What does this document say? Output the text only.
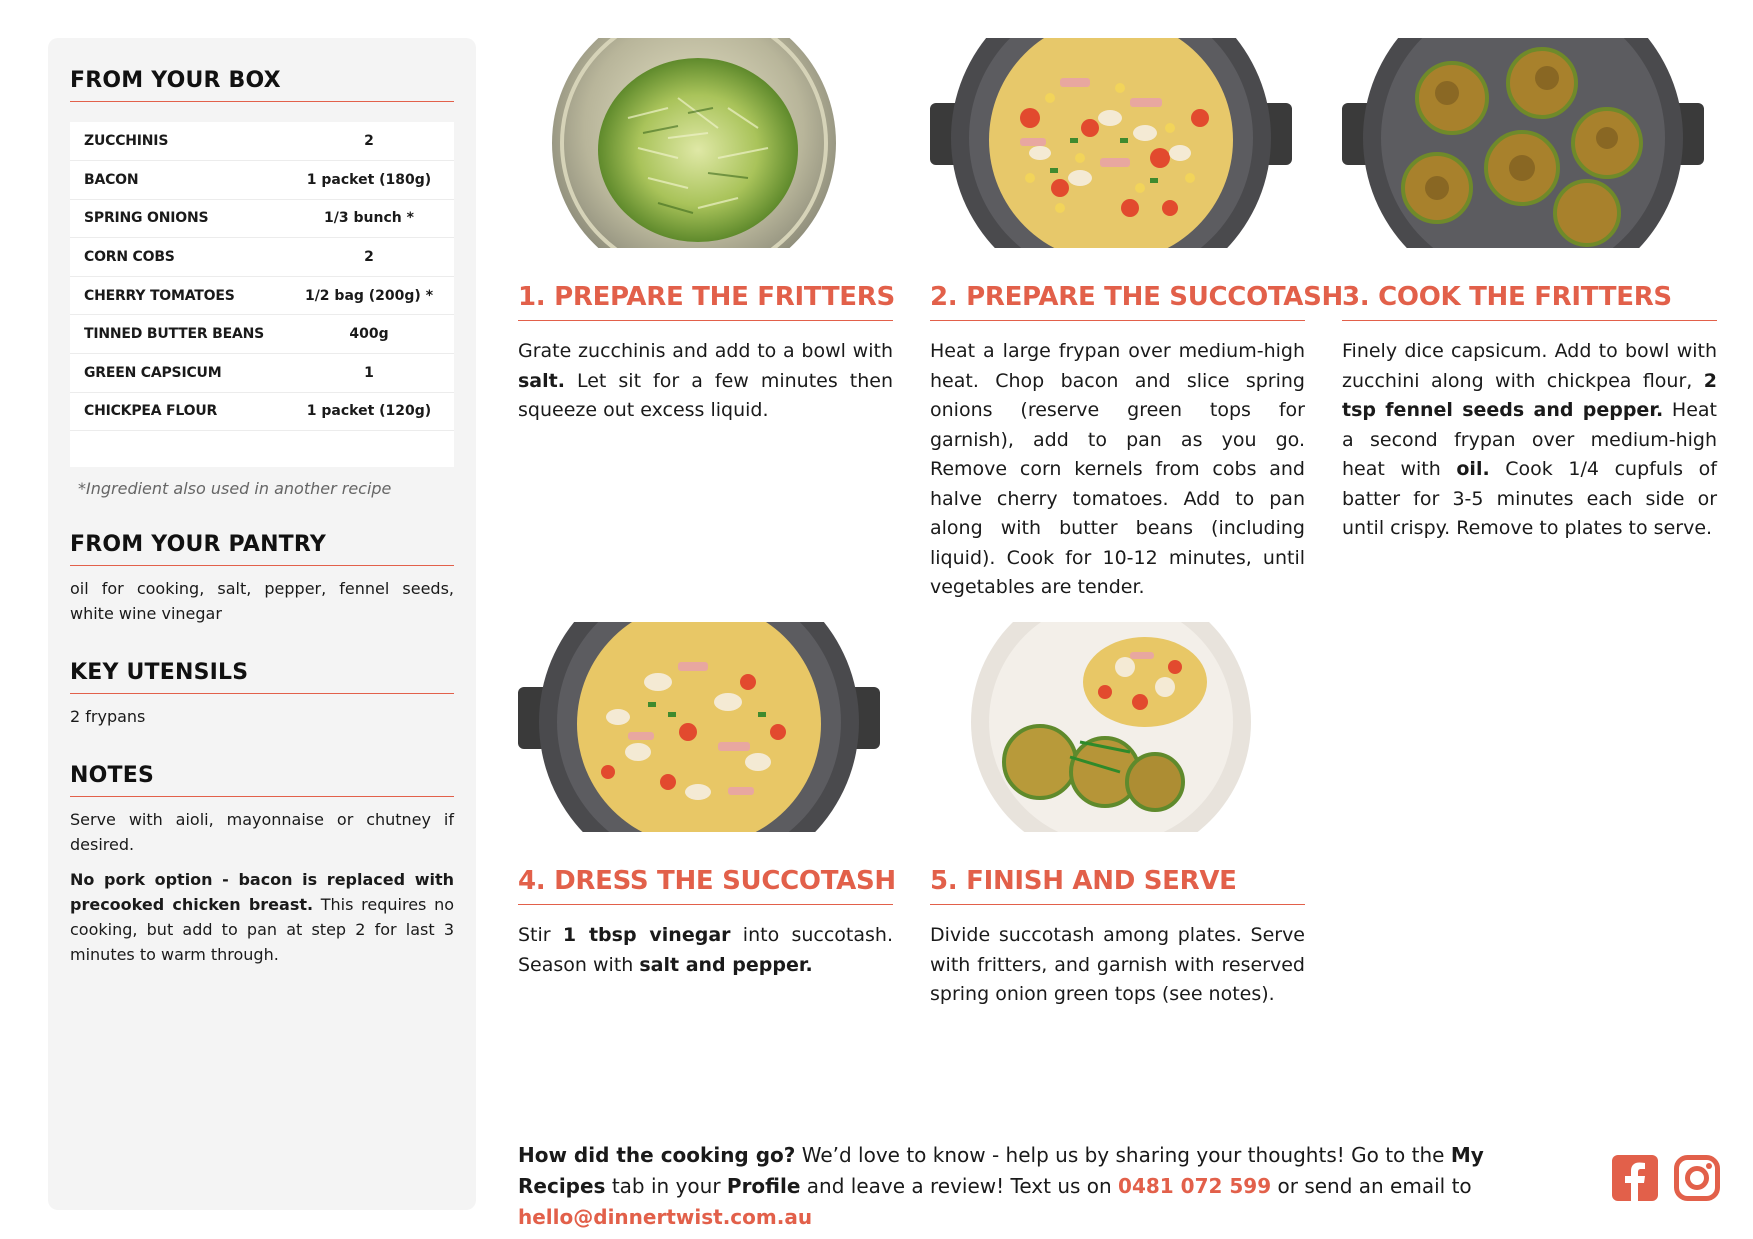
FROM YOUR BOX
ZUCCHINIS	2
BACON	1 packet (180g)
SPRING ONIONS	1/3 bunch *
CORN COBS	2
CHERRY TOMATOES	1/2 bag (200g) *
TINNED BUTTER BEANS	400g
GREEN CAPSICUM	1
CHICKPEA FLOUR	1 packet (120g)

*Ingredient also used in another recipe
FROM YOUR PANTRY
oil for cooking, salt, pepper, fennel seeds, white wine vinegar
KEY UTENSILS
2 frypans
NOTES
Serve with aioli, mayonnaise or chutney if desired.
No pork option - bacon is replaced with precooked chicken breast. This requires no cooking, but add to pan at step 2 for last 3 minutes to warm through.
1. PREPARE THE FRITTERS
Grate zucchinis and add to a bowl with salt. Let sit for a few minutes then squeeze out excess liquid.
2. PREPARE THE SUCCOTASH
Heat a large frypan over medium-high heat. Chop bacon and slice spring onions (reserve green tops for garnish), add to pan as you go. Remove corn kernels from cobs and halve cherry tomatoes. Add to pan along with butter beans (including liquid). Cook for 10-12 minutes, until vegetables are tender.
3. COOK THE FRITTERS
Finely dice capsicum. Add to bowl with zucchini along with chickpea flour, 2 tsp fennel seeds and pepper. Heat a second frypan over medium-high heat with oil. Cook 1/4 cupfuls of batter for 3-5 minutes each side or until crispy. Remove to plates to serve.
4. DRESS THE SUCCOTASH
Stir 1 tbsp vinegar into succotash. Season with salt and pepper.
5. FINISH AND SERVE
Divide succotash among plates. Serve with fritters, and garnish with reserved spring onion green tops (see notes).
How did the cooking go? We’d love to know - help us by sharing your thoughts! Go to the My Recipes tab in your Profile and leave a review! Text us on 0481 072 599 or send an email to hello@dinnertwist.com.au
